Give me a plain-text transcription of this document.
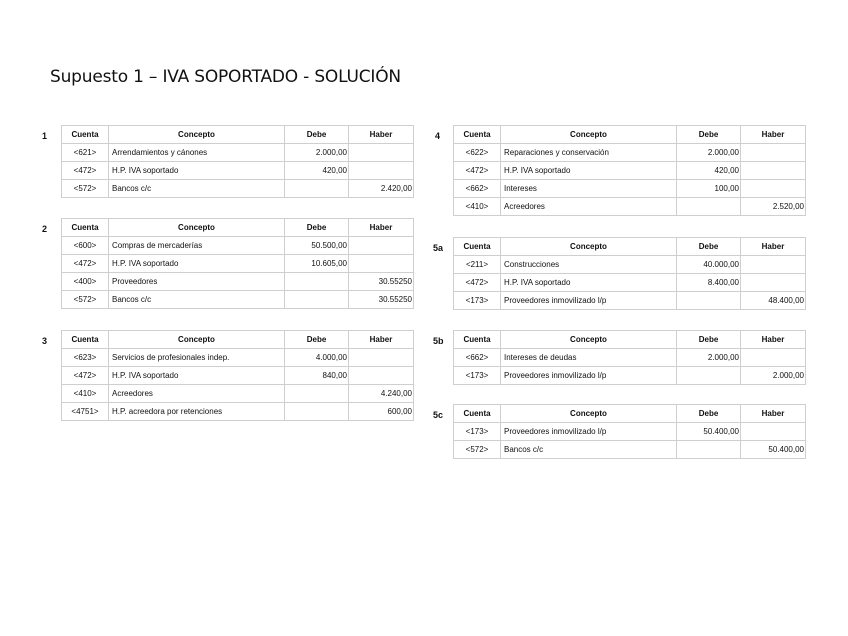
Supuesto 1 – IVA SOPORTADO - SOLUCIÓN
1	Cuenta	Concepto	Debe	Haber
<621>	Arrendamientos y cánones	2.000,00	
<472>	H.P. IVA soportado	420,00	
<572>	Bancos c/c		2.420,00
2	Cuenta	Concepto	Debe	Haber
<600>	Compras de mercaderías	50.500,00	
<472>	H.P. IVA soportado	10.605,00	
<400>	Proveedores		30.55250
<572>	Bancos c/c		30.55250
3	Cuenta	Concepto	Debe	Haber
<623>	Servicios de profesionales indep.	4.000,00	
<472>	H.P. IVA soportado	840,00	
<410>	Acreedores		4.240,00
<4751>	H.P. acreedora por retenciones		600,00
4	Cuenta	Concepto	Debe	Haber
<622>	Reparaciones y conservación	2.000,00	
<472>	H.P. IVA soportado	420,00	
<662>	Intereses	100,00	
<410>	Acreedores		2.520,00
5a	Cuenta	Concepto	Debe	Haber
<211>	Construcciones	40.000,00	
<472>	H.P. IVA soportado	8.400,00	
<173>	Proveedores inmovilizado l/p		48.400,00
5b Cuenta	Concepto	Debe	Haber
<662>	Intereses de deudas	2.000,00	
<173>	Proveedores inmovilizado l/p		2.000,00
5c	Cuenta	Concepto	Debe	Haber
<173>	Proveedores inmovilizado l/p	50.400,00	
<572>	Bancos c/c		50.400,00
